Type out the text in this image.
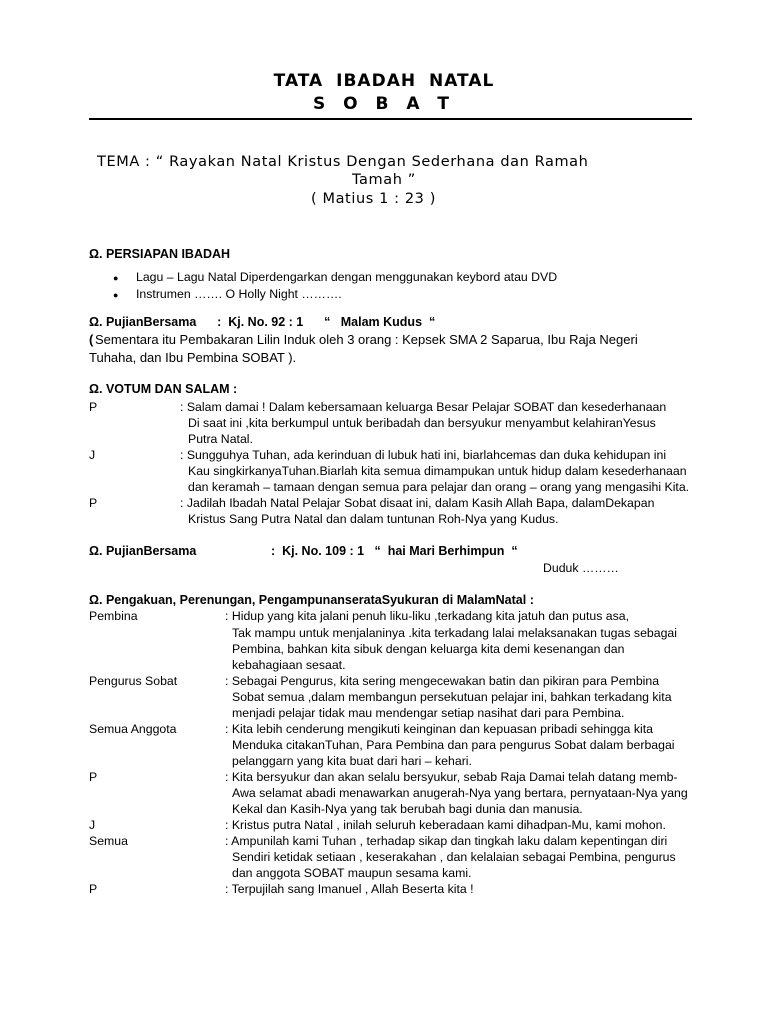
TATA IBADAH NATAL
S O B A T
TEMA : “ Rayakan Natal Kristus Dengan Sederhana dan Ramah
Tamah ”
( Matius 1 : 23 )
Ω. PERSIAPAN IBADAH
● Lagu – Lagu Natal Diperdengarkan dengan menggunakan keybord atau DVD
● Instrumen ……. O Holly Night ……….
Ω. PujianBersama      :  Kj. No. 92 : 1      “   Malam Kudus  “
( Sementara itu Pembakaran Lilin Induk oleh 3 orang : Kepsek SMA 2 Saparua, Ibu Raja Negeri
Tuhaha, dan Ibu Pembina SOBAT ).
Ω. VOTUM DAN SALAM :
P	: Salam damai ! Dalam kebersamaan keluarga Besar Pelajar SOBAT dan kesederhanaan
Di saat ini ,kita berkumpul untuk beribadah dan bersyukur menyambut kelahiranYesus
Putra Natal.
J	: Sungguhya Tuhan, ada kerinduan di lubuk hati ini, biarlahcemas dan duka kehidupan ini
Kau singkirkanyaTuhan.Biarlah kita semua dimampukan untuk hidup dalam kesederhanaan
dan keramah – tamaan dengan semua para pelajar dan orang – orang yang mengasihi Kita.
P	: Jadilah Ibadah Natal Pelajar Sobat disaat ini, dalam Kasih Allah Bapa, dalamDekapan
Kristus Sang Putra Natal dan dalam tuntunan Roh-Nya yang Kudus.
Ω. PujianBersama	:  Kj. No. 109 : 1   “  hai Mari Berhimpun  “
Duduk ………
Ω. Pengakuan, Perenungan, PengampunanserataSyukuran di MalamNatal :
Pembina	: Hidup yang kita jalani penuh liku-liku ,terkadang kita jatuh dan putus asa,
Tak mampu untuk menjalaninya .kita terkadang lalai melaksanakan tugas sebagai
Pembina, bahkan kita sibuk dengan keluarga kita demi kesenangan dan
kebahagiaan sesaat.
Pengurus Sobat	: Sebagai Pengurus, kita sering mengecewakan batin dan pikiran para Pembina
Sobat semua ,dalam membangun persekutuan pelajar ini, bahkan terkadang kita
menjadi pelajar tidak mau mendengar setiap nasihat dari para Pembina.
Semua Anggota	: Kita lebih cenderung mengikuti keinginan dan kepuasan pribadi sehingga kita
Menduka citakanTuhan, Para Pembina dan para pengurus Sobat dalam berbagai
pelanggarn yang kita buat dari hari – kehari.
P	: Kita bersyukur dan akan selalu bersyukur, sebab Raja Damai telah datang memb-
Awa selamat abadi menawarkan anugerah-Nya yang bertara, pernyataan-Nya yang
Kekal dan Kasih-Nya yang tak berubah bagi dunia dan manusia.
J	: Kristus putra Natal , inilah seluruh keberadaan kami dihadpan-Mu, kami mohon.
Semua	: Ampunilah kami Tuhan , terhadap sikap dan tingkah laku dalam kepentingan diri
Sendiri ketidak setiaan , keserakahan , dan kelalaian sebagai Pembina, pengurus
dan anggota SOBAT maupun sesama kami.
P	: Terpujilah sang Imanuel , Allah Beserta kita !
